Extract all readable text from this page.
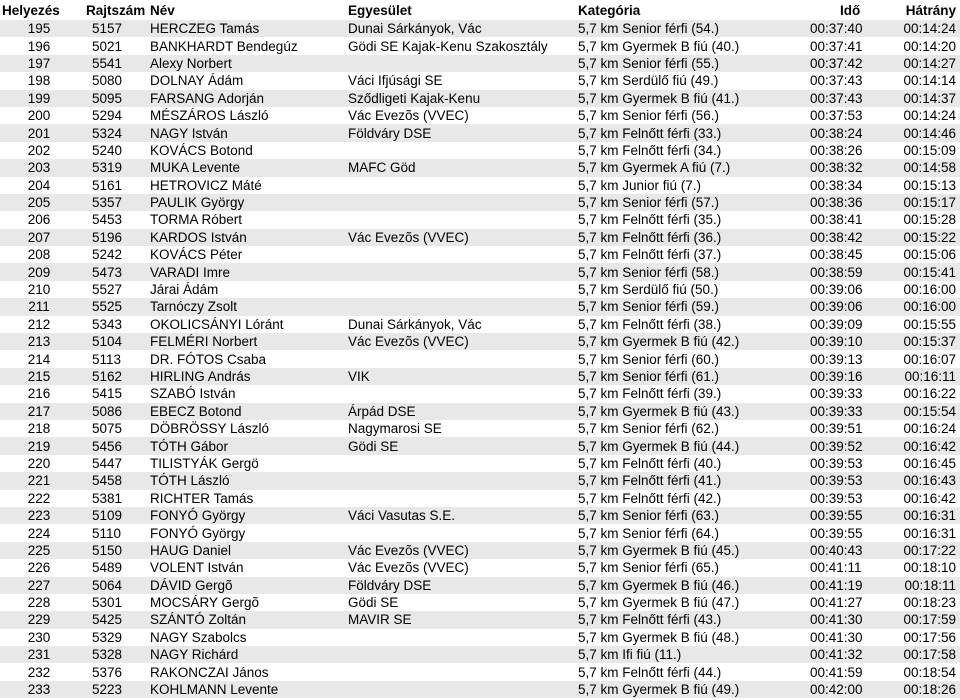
Helyezés	Rajtszám	Név	Egyesület	Kategória	Idő	Hátrány
195	5157	HERCZEG Tamás	Dunai Sárkányok, Vác	5,7 km Senior férfi (54.)	00:37:40	00:14:24
196	5021	BANKHARDT Bendegúz	Gödi SE Kajak-Kenu Szakosztály	5,7 km Gyermek B fiú (40.)	00:37:41	00:14:20
197	5541	Alexy Norbert		5,7 km Senior férfi (55.)	00:37:42	00:14:27
198	5080	DOLNAY Ádám	Váci Ifjúsági SE	5,7 km Serdülő fiú (49.)	00:37:43	00:14:14
199	5095	FARSANG Adorján	Sződligeti Kajak-Kenu	5,7 km Gyermek B fiú (41.)	00:37:43	00:14:37
200	5294	MÉSZÁROS László	Vác Evezõs (VVEC)	5,7 km Senior férfi (56.)	00:37:53	00:14:24
201	5324	NAGY István	Földváry DSE	5,7 km Felnőtt férfi (33.)	00:38:24	00:14:46
202	5240	KOVÁCS Botond		5,7 km Felnőtt férfi (34.)	00:38:26	00:15:09
203	5319	MUKA Levente	MAFC Göd	5,7 km Gyermek A fiú (7.)	00:38:32	00:14:58
204	5161	HETROVICZ Máté		5,7 km Junior fiú (7.)	00:38:34	00:15:13
205	5357	PAULIK György		5,7 km Senior férfi (57.)	00:38:36	00:15:17
206	5453	TORMA Róbert		5,7 km Felnőtt férfi (35.)	00:38:41	00:15:28
207	5196	KARDOS István	Vác Evezõs (VVEC)	5,7 km Felnőtt férfi (36.)	00:38:42	00:15:22
208	5242	KOVÁCS Péter		5,7 km Felnőtt férfi (37.)	00:38:45	00:15:06
209	5473	VARADI Imre		5,7 km Senior férfi (58.)	00:38:59	00:15:41
210	5527	Járai Ádám		5,7 km Serdülő fiú (50.)	00:39:06	00:16:00
211	5525	Tarnóczy Zsolt		5,7 km Senior férfi (59.)	00:39:06	00:16:00
212	5343	OKOLICSÁNYI Lóránt	Dunai Sárkányok, Vác	5,7 km Felnőtt férfi (38.)	00:39:09	00:15:55
213	5104	FELMÉRI Norbert	Vác Evezõs (VVEC)	5,7 km Gyermek B fiú (42.)	00:39:10	00:15:37
214	5113	DR. FÓTOS Csaba		5,7 km Senior férfi (60.)	00:39:13	00:16:07
215	5162	HIRLING András	VIK	5,7 km Senior férfi (61.)	00:39:16	00:16:11
216	5415	SZABÓ István		5,7 km Felnőtt férfi (39.)	00:39:33	00:16:22
217	5086	EBECZ Botond	Árpád DSE	5,7 km Gyermek B fiú (43.)	00:39:33	00:15:54
218	5075	DÖBRÖSSY László	Nagymarosi SE	5,7 km Senior férfi (62.)	00:39:51	00:16:24
219	5456	TÓTH Gábor	Gödi SE	5,7 km Gyermek B fiú (44.)	00:39:52	00:16:42
220	5447	TILISTYÁK Gergö		5,7 km Felnőtt férfi (40.)	00:39:53	00:16:45
221	5458	TÓTH László		5,7 km Felnőtt férfi (41.)	00:39:53	00:16:43
222	5381	RICHTER Tamás		5,7 km Felnőtt férfi (42.)	00:39:53	00:16:42
223	5109	FONYÓ György	Váci Vasutas S.E.	5,7 km Senior férfi (63.)	00:39:55	00:16:31
224	5110	FONYÓ György		5,7 km Senior férfi (64.)	00:39:55	00:16:31
225	5150	HAUG Daniel	Vác Evezõs (VVEC)	5,7 km Gyermek B fiú (45.)	00:40:43	00:17:22
226	5489	VOLENT István	Vác Evezõs (VVEC)	5,7 km Senior férfi (65.)	00:41:11	00:18:10
227	5064	DÁVID Gergõ	Földváry DSE	5,7 km Gyermek B fiú (46.)	00:41:19	00:18:11
228	5301	MOCSÁRY Gergõ	Gödi SE	5,7 km Gyermek B fiú (47.)	00:41:27	00:18:23
229	5425	SZÁNTÓ Zoltán	MAVIR SE	5,7 km Felnőtt férfi (43.)	00:41:30	00:17:59
230	5329	NAGY Szabolcs		5,7 km Gyermek B fiú (48.)	00:41:30	00:17:56
231	5328	NAGY Richárd		5,7 km Ifi fiú (11.)	00:41:32	00:17:58
232	5376	RAKONCZAI János		5,7 km Felnőtt férfi (44.)	00:41:59	00:18:54
233	5223	KOHLMANN Levente		5,7 km Gyermek B fiú (49.)	00:42:00	00:18:26
